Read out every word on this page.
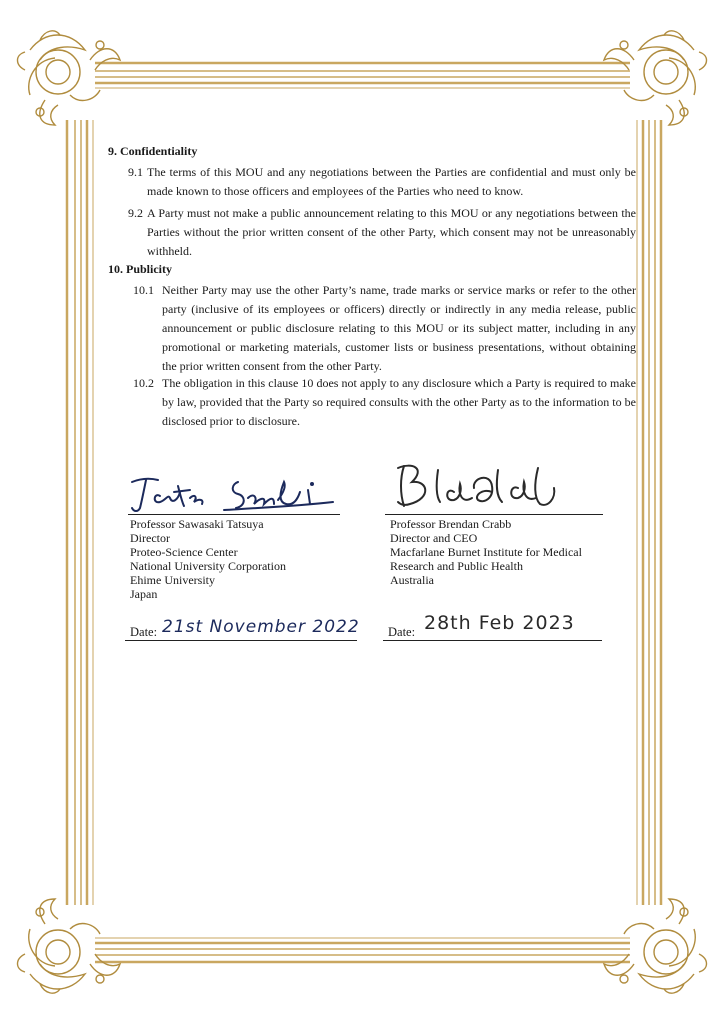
9. Confidentiality
9.1 The terms of this MOU and any negotiations between the Parties are confidential and must only be made known to those officers and employees of the Parties who need to know.
9.2 A Party must not make a public announcement relating to this MOU or any negotiations between the Parties without the prior written consent of the other Party, which consent may not be unreasonably withheld.
10. Publicity
10.1 Neither Party may use the other Party’s name, trade marks or service marks or refer to the other party (inclusive of its employees or officers) directly or indirectly in any media release, public announcement or public disclosure relating to this MOU or its subject matter, including in any promotional or marketing materials, customer lists or business presentations, without obtaining the prior written consent from the other Party.
10.2 The obligation in this clause 10 does not apply to any disclosure which a Party is required to make by law, provided that the Party so required consults with the other Party as to the information to be disclosed prior to disclosure.
Professor Sawasaki Tatsuya
Director
Proteo-Science Center
National University Corporation
Ehime University
Japan
Professor Brendan Crabb
Director and CEO
Macfarlane Burnet Institute for Medical
Research and Public Health
Australia
Date: 21st November 2022 Date: 28th Feb 2023
